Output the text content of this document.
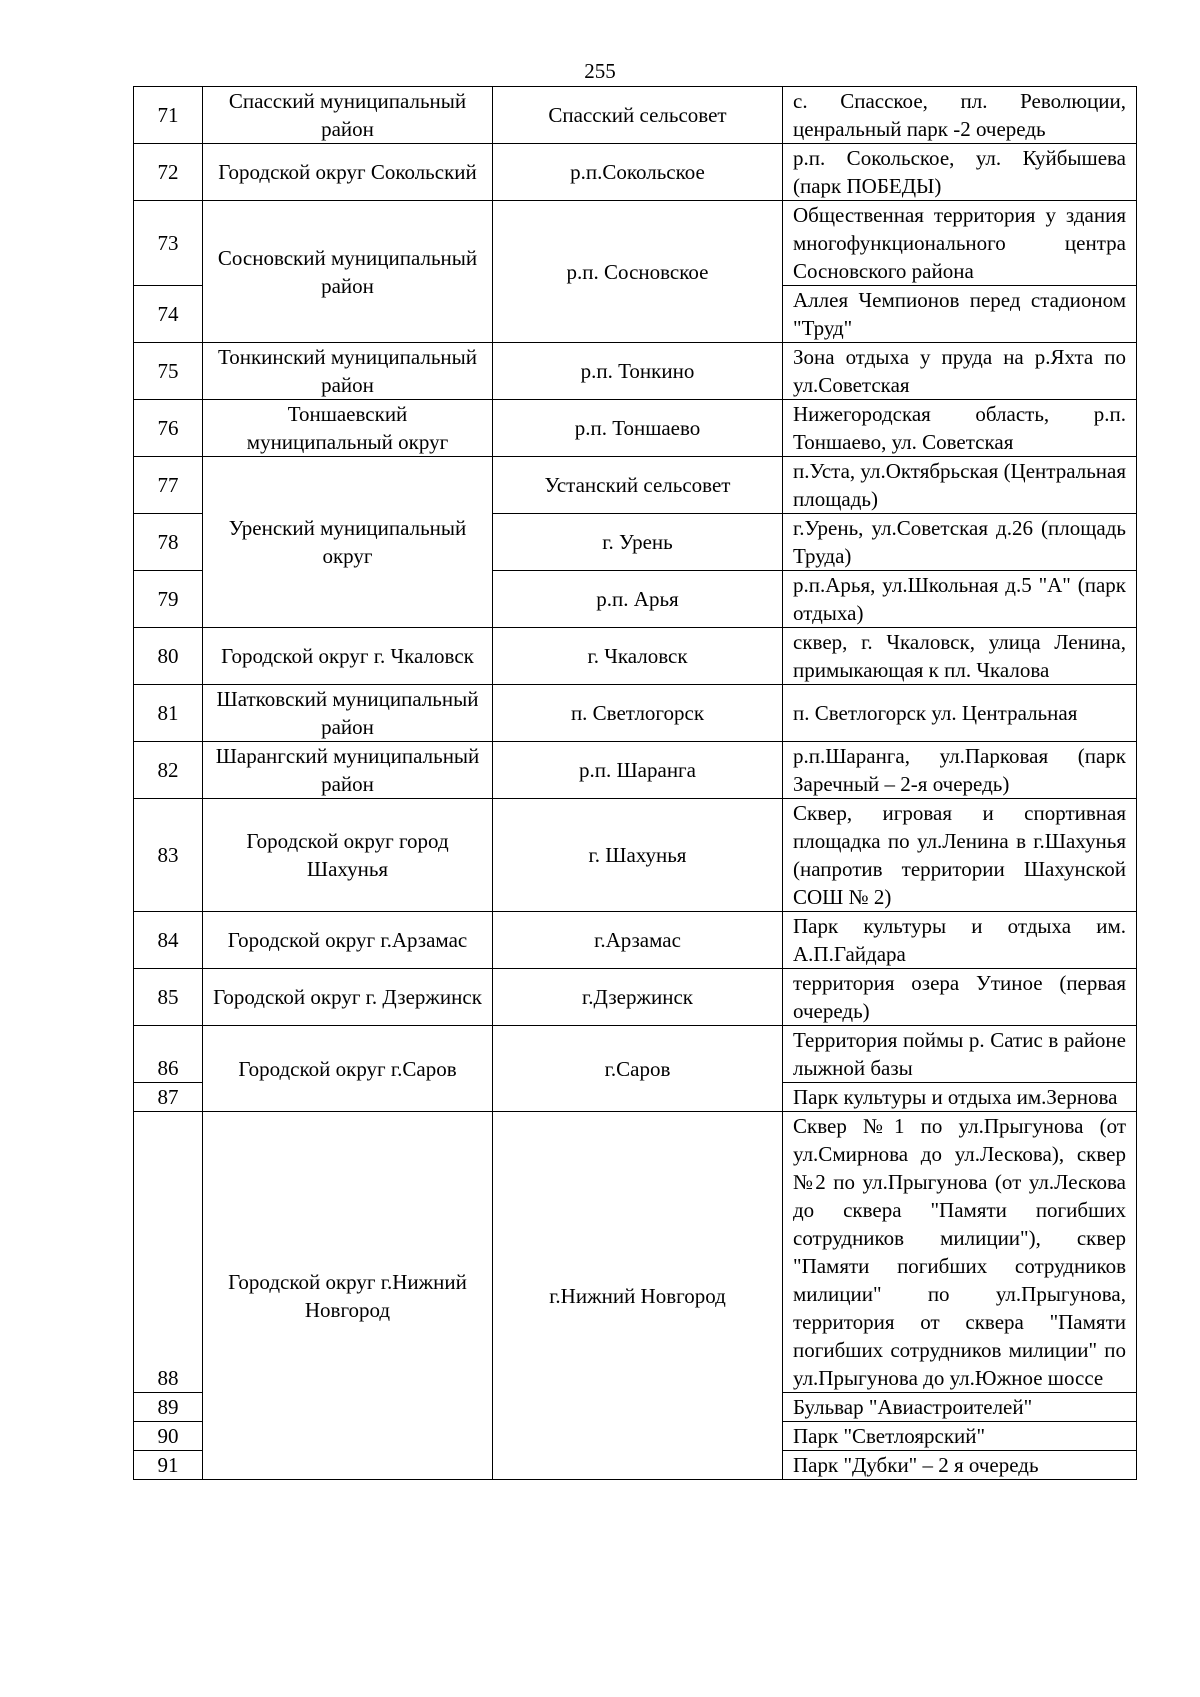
255
71	Спасский муниципальный район	Спасский сельсовет	с. Спасское, пл. Революции, ценральный парк -2 очередь
72	Городской округ Сокольский	р.п.Сокольское	р.п. Сокольское, ул. Куйбышева (парк ПОБЕДЫ)
73	Сосновский муниципальный район	р.п. Сосновское	Общественная территория у здания многофункционального центра Сосновского района
74			Аллея Чемпионов перед стадионом "Труд"
75	Тонкинский муниципальный район	р.п. Тонкино	Зона отдыха у пруда на р.Яхта по ул.Советская
76	Тоншаевский муниципальный округ	р.п. Тоншаево	Нижегородская область, р.п. Тоншаево, ул. Советская
77	Уренский муниципальный округ	Устанский сельсовет	п.Уста, ул.Октябрьская (Центральная площадь)
78		г. Урень	г.Урень, ул.Советская д.26 (площадь Труда)
79		р.п. Арья	р.п.Арья, ул.Школьная д.5 "А" (парк отдыха)
80	Городской округ г. Чкаловск	г. Чкаловск	сквер, г. Чкаловск, улица Ленина, примыкающая к пл. Чкалова
81	Шатковский муниципальный район	п. Светлогорск	п. Светлогорск ул. Центральная
82	Шарангский муниципальный район	р.п. Шаранга	р.п.Шаранга, ул.Парковая (парк Заречный – 2-я очередь)
83	Городской округ город Шахунья	г. Шахунья	Сквер, игровая и спортивная площадка по ул.Ленина в г.Шахунья (напротив территории Шахунской СОШ № 2)
84	Городской округ г.Арзамас	г.Арзамас	Парк культуры и отдыха им. А.П.Гайдара
85	Городской округ г. Дзержинск	г.Дзержинск	территория озера Утиное (первая очередь)
86	Городской округ г.Саров	г.Саров	Территория поймы р. Сатис в районе лыжной базы
87			Парк культуры и отдыха им.Зернова
88	Городской округ г.Нижний Новгород	г.Нижний Новгород	Сквер №1 по ул.Прыгунова (от ул.Смирнова до ул.Лескова), сквер №2 по ул.Прыгунова (от ул.Лескова до сквера "Памяти погибших сотрудников милиции"), сквер "Памяти погибших сотрудников милиции" по ул.Прыгунова, территория от сквера "Памяти погибших сотрудников милиции" по ул.Прыгунова до ул.Южное шоссе
89			Бульвар "Авиастроителей"
90			Парк "Светлоярский"
91			Парк "Дубки" – 2 я очередь
